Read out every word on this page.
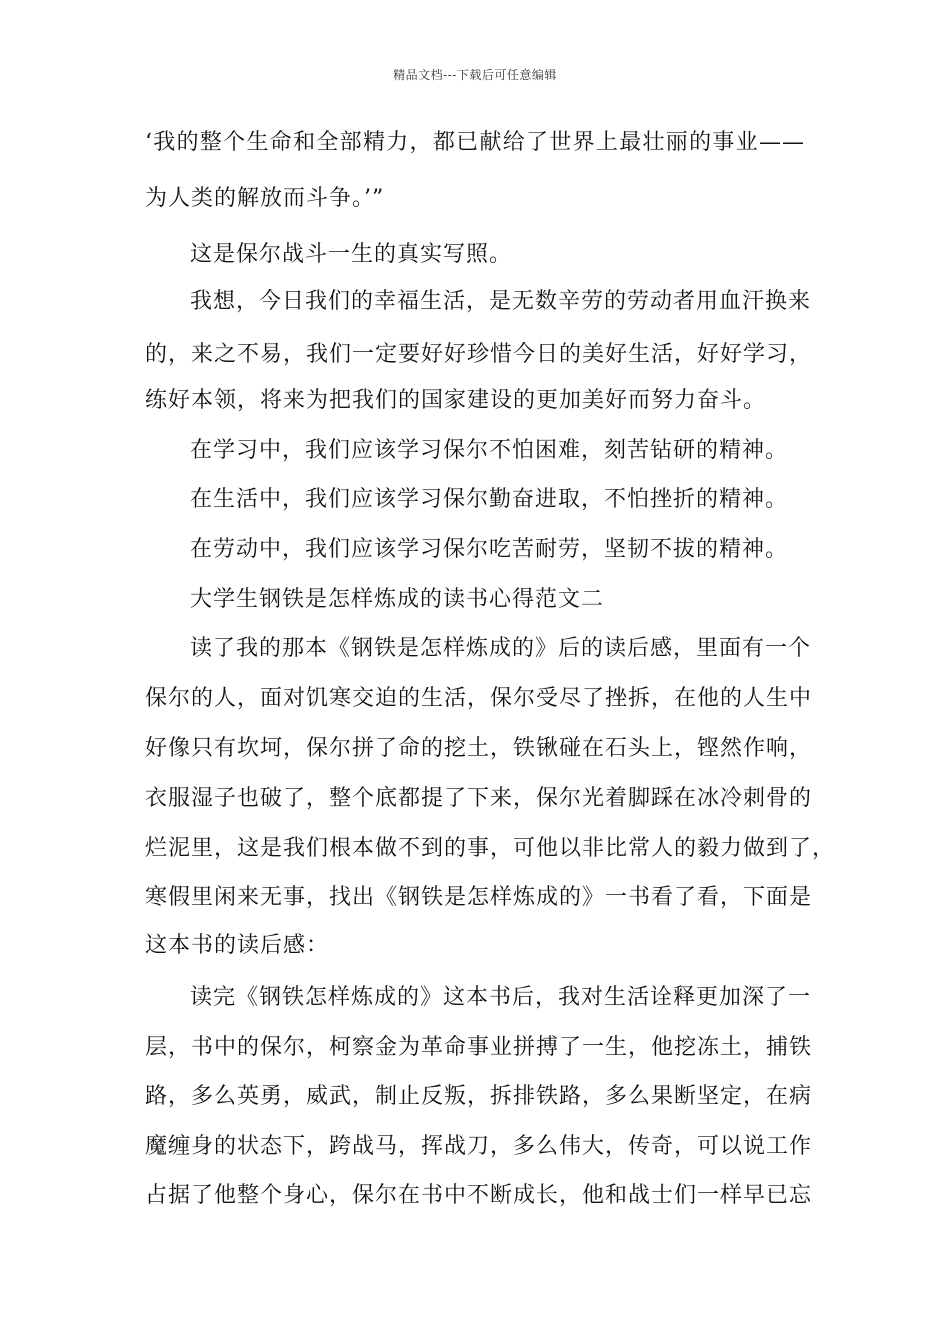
精品文档---下载后可任意编辑
‘我的整个生命和全部精力，都已献给了世界上最壮丽的事业——
为人类的解放而斗争。’”
这是保尔战斗一生的真实写照。
我想，今日我们的幸福生活，是无数辛劳的劳动者用血汗换来
的，来之不易，我们一定要好好珍惜今日的美好生活，好好学习，
练好本领，将来为把我们的国家建设的更加美好而努力奋斗。
在学习中，我们应该学习保尔不怕困难，刻苦钻研的精神。
在生活中，我们应该学习保尔勤奋进取，不怕挫折的精神。
在劳动中，我们应该学习保尔吃苦耐劳，坚韧不拔的精神。
大学生钢铁是怎样炼成的读书心得范文二
读了我的那本《钢铁是怎样炼成的》后的读后感，里面有一个
保尔的人，面对饥寒交迫的生活，保尔受尽了挫拆，在他的人生中
好像只有坎坷，保尔拼了命的挖土，铁锹碰在石头上，铿然作响，
衣服湿子也破了，整个底都提了下来，保尔光着脚踩在冰冷刺骨的
烂泥里，这是我们根本做不到的事，可他以非比常人的毅力做到了，
寒假里闲来无事，找出《钢铁是怎样炼成的》一书看了看，下面是
这本书的读后感：
读完《钢铁怎样炼成的》这本书后，我对生活诠释更加深了一
层，书中的保尔，柯察金为革命事业拼搏了一生，他挖冻土，捕铁
路，多么英勇，威武，制止反叛，拆排铁路，多么果断坚定，在病
魔缠身的状态下，跨战马，挥战刀，多么伟大，传奇，可以说工作
占据了他整个身心，保尔在书中不断成长，他和战士们一样早已忘
